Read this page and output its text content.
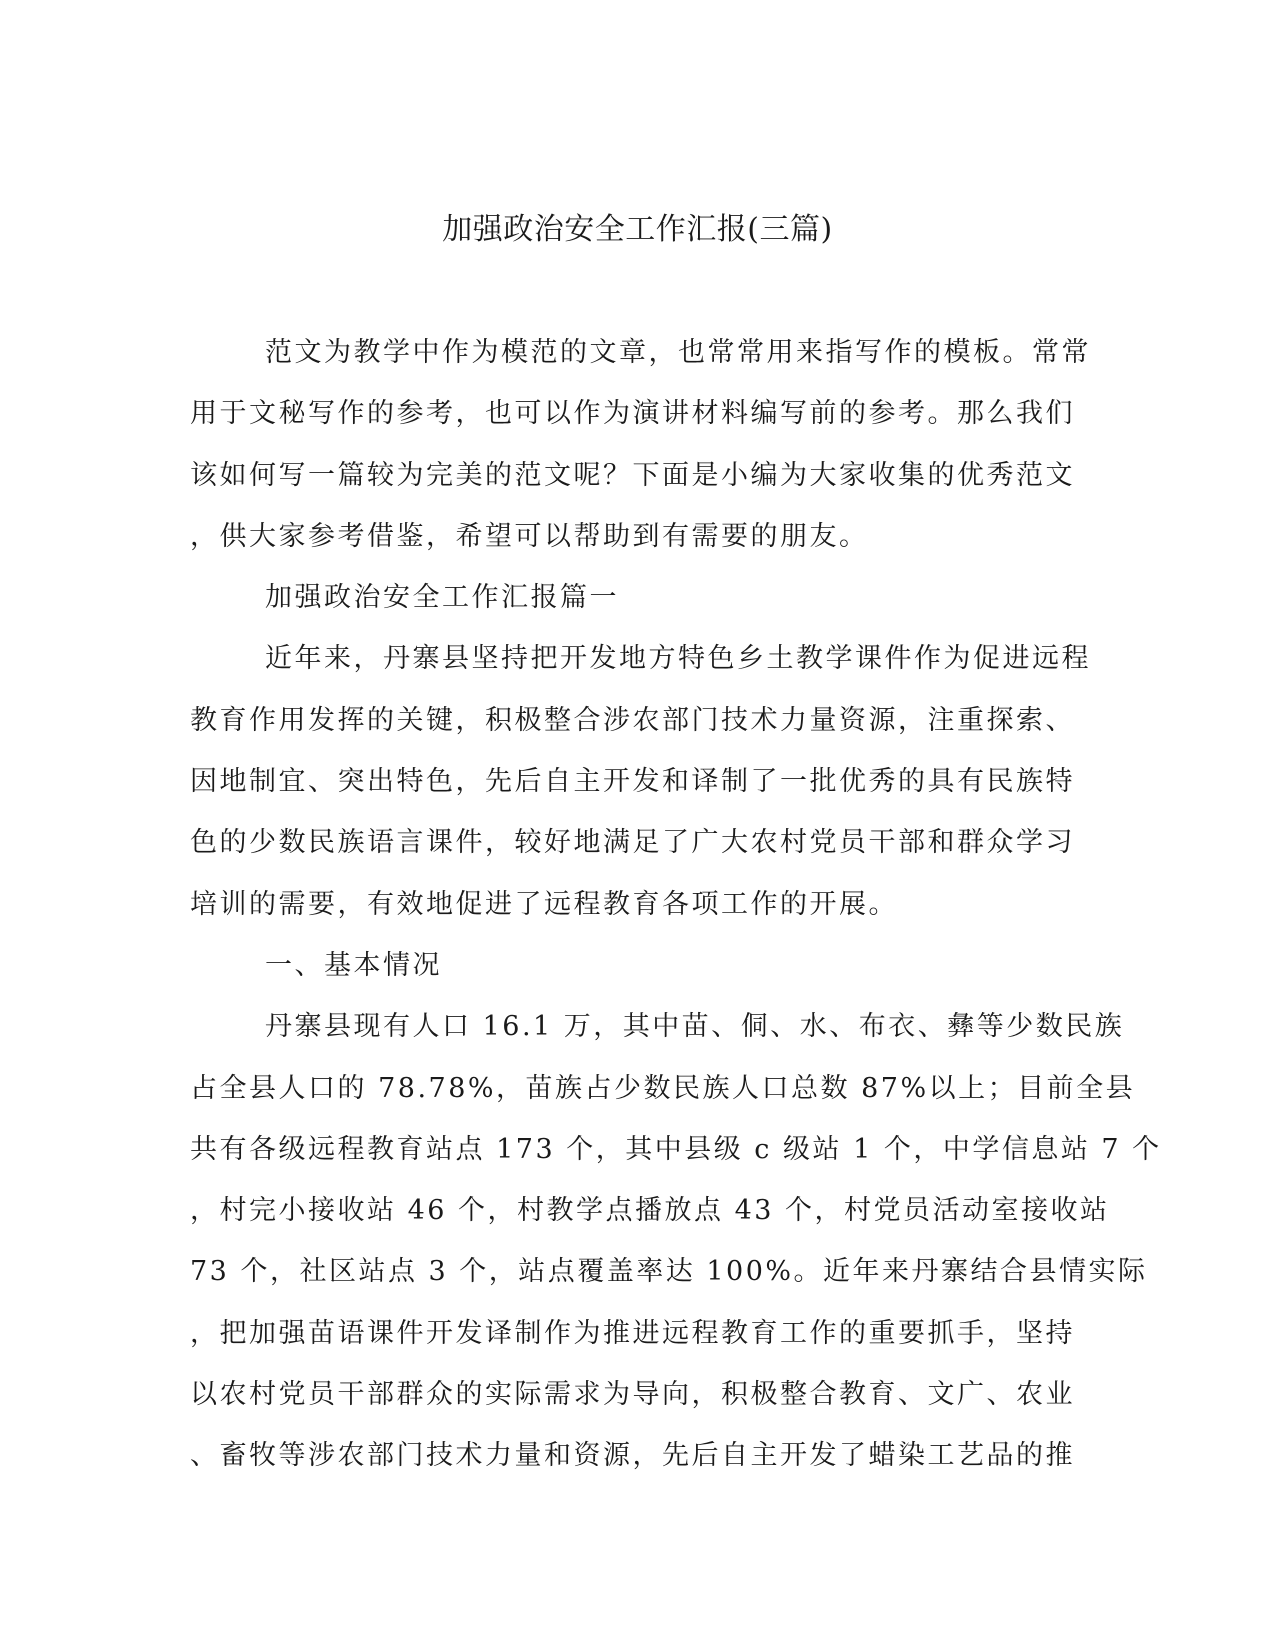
加强政治安全工作汇报(三篇)
范文为教学中作为模范的文章，也常常用来指写作的模板。常常
用于文秘写作的参考，也可以作为演讲材料编写前的参考。那么我们
该如何写一篇较为完美的范文呢？下面是小编为大家收集的优秀范文
，供大家参考借鉴，希望可以帮助到有需要的朋友。
加强政治安全工作汇报篇一
近年来，丹寨县坚持把开发地方特色乡土教学课件作为促进远程
教育作用发挥的关键，积极整合涉农部门技术力量资源，注重探索、
因地制宜、突出特色，先后自主开发和译制了一批优秀的具有民族特
色的少数民族语言课件，较好地满足了广大农村党员干部和群众学习
培训的需要，有效地促进了远程教育各项工作的开展。
一、基本情况
丹寨县现有人口 16.1 万，其中苗、侗、水、布衣、彝等少数民族
占全县人口的 78.78%，苗族占少数民族人口总数 87%以上；目前全县
共有各级远程教育站点 173 个，其中县级 c 级站 1 个，中学信息站 7 个
，村完小接收站 46 个，村教学点播放点 43 个，村党员活动室接收站
73 个，社区站点 3 个，站点覆盖率达 100%。近年来丹寨结合县情实际
，把加强苗语课件开发译制作为推进远程教育工作的重要抓手，坚持
以农村党员干部群众的实际需求为导向，积极整合教育、文广、农业
、畜牧等涉农部门技术力量和资源，先后自主开发了蜡染工艺品的推
